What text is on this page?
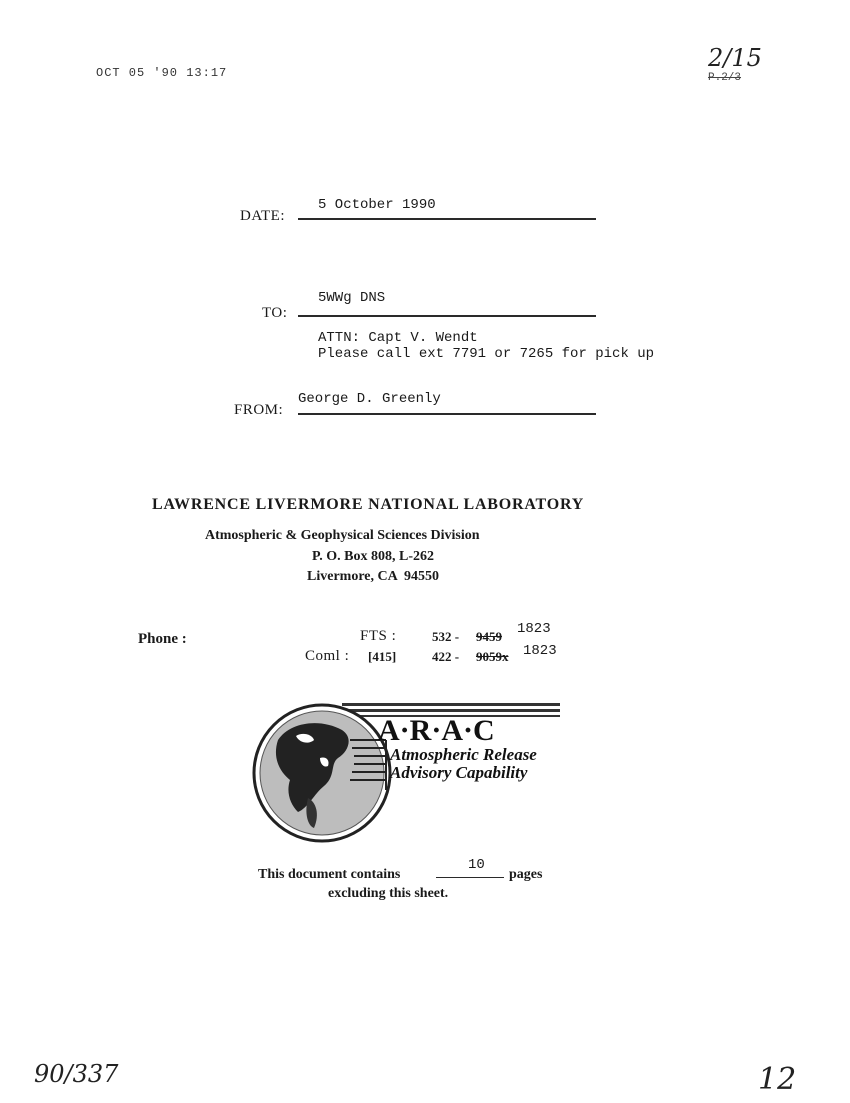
OCT 05 '90 13:17
2/15
P.2/3
DATE:
5 October 1990
TO:
5WWg DNS
ATTN: Capt V. Wendt
Please call ext 7791 or 7265 for pick up
FROM:
George D. Greenly
LAWRENCE LIVERMORE NATIONAL LABORATORY
Atmospheric & Geophysical Sciences Division
P. O. Box 808, L-262
Livermore, CA  94550
Phone :	FTS :	532 - 9459 1823
Coml : [415]	422 - 9059x 1823
A·R·A·C
Atmospheric Release
Advisory Capability
This document contains
10
pages
excluding this sheet.
90/337	12
